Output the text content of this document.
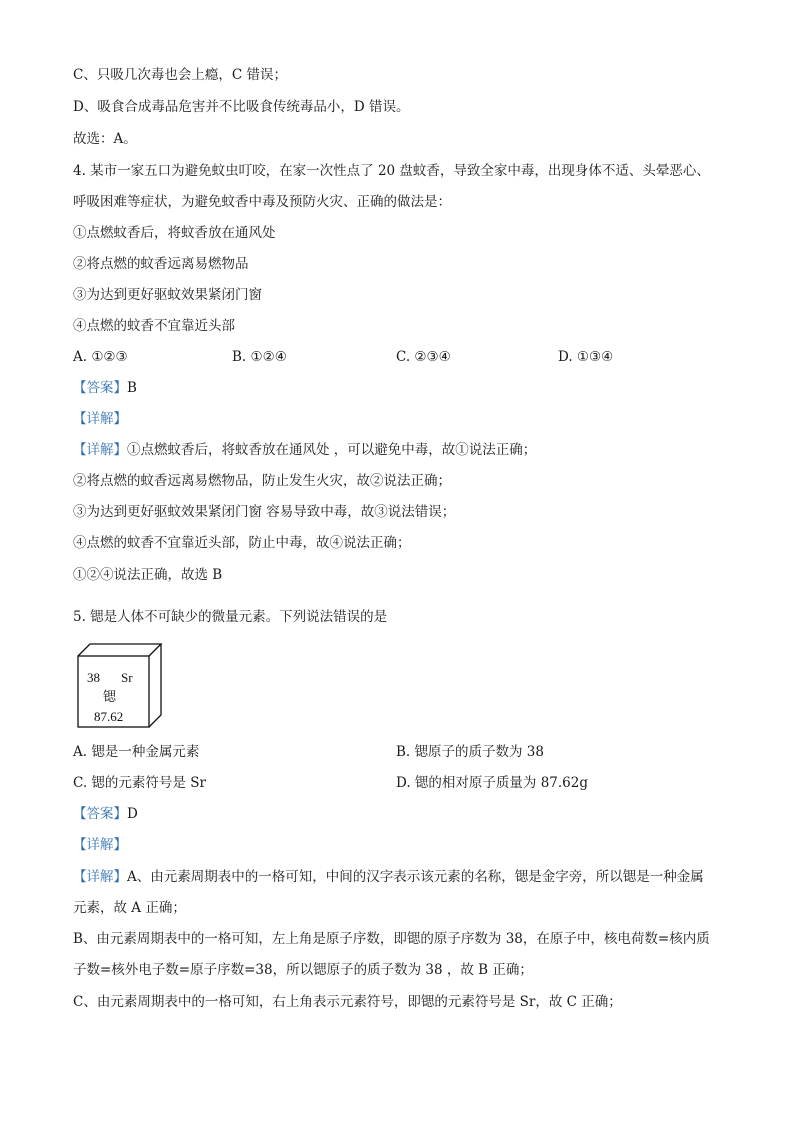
C、只吸几次毒也会上瘾，C 错误；
D、吸食合成毒品危害并不比吸食传统毒品小，D 错误。
故选：A。
4. 某市一家五口为避免蚊虫叮咬，在家一次性点了 20 盘蚊香，导致全家中毒，出现身体不适、头晕恶心、
呼吸困难等症状，为避免蚊香中毒及预防火灾、正确的做法是：
①点燃蚊香后，将蚊香放在通风处
②将点燃的蚊香远离易燃物品
③为达到更好驱蚊效果紧闭门窗
④点燃的蚊香不宜靠近头部
A. ①②③	B. ①②④	C. ②③④	D. ①③④
【答案】B
【详解】
【详解】①点燃蚊香后，将蚊香放在通风处 ，可以避免中毒，故①说法正确；
②将点燃的蚊香远离易燃物品，防止发生火灾，故②说法正确；
③为达到更好驱蚊效果紧闭门窗 容易导致中毒，故③说法错误；
④点燃的蚊香不宜靠近头部，防止中毒，故④说法正确；
①②④说法正确，故选 B
5. 锶是人体不可缺少的微量元素。下列说法错误的是
38 Sr
锶
87.62
A. 锶是一种金属元素	B. 锶原子的质子数为 38
C. 锶的元素符号是 Sr	D. 锶的相对原子质量为 87.62g
【答案】D
【详解】
【详解】A、由元素周期表中的一格可知，中间的汉字表示该元素的名称，锶是金字旁，所以锶是一种金属
元素，故 A 正确；
B、由元素周期表中的一格可知，左上角是原子序数，即锶的原子序数为 38，在原子中，核电荷数=核内质
子数=核外电子数=原子序数=38，所以锶原子的质子数为 38 ，故 B 正确；
C、由元素周期表中的一格可知，右上角表示元素符号，即锶的元素符号是 Sr，故 C 正确；
